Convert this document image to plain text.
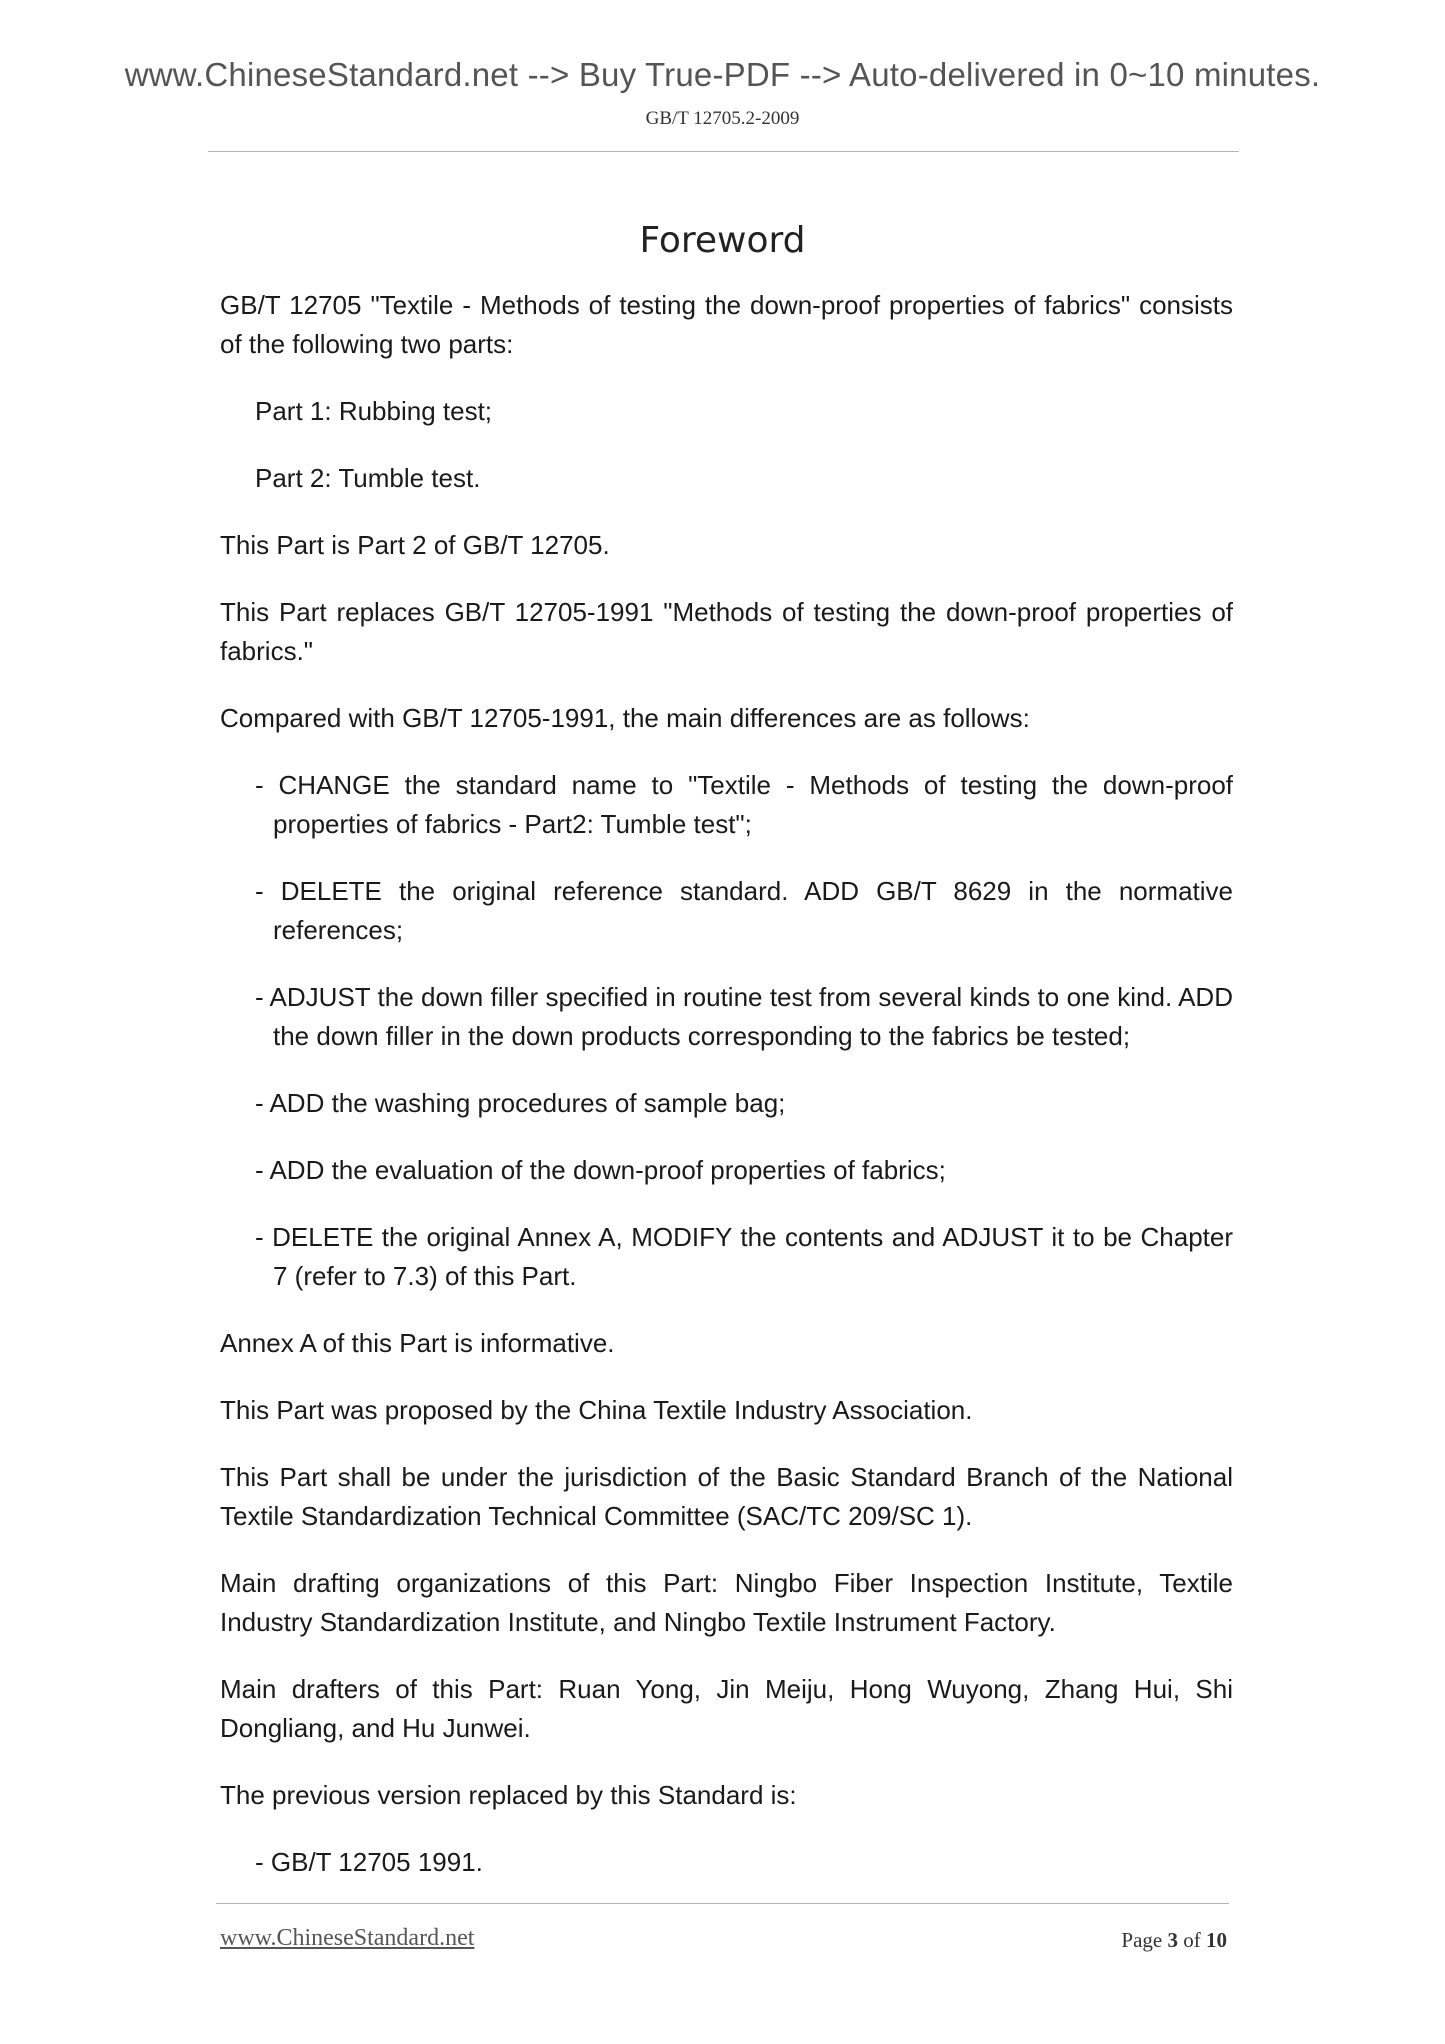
www.ChineseStandard.net --> Buy True-PDF --> Auto-delivered in 0~10 minutes.
GB/T 12705.2-2009
Foreword

GB/T 12705 "Textile - Methods of testing the down-proof properties of fabrics" consists of the following two parts:

Part 1: Rubbing test;

Part 2: Tumble test.

This Part is Part 2 of GB/T 12705.

This Part replaces GB/T 12705-1991 "Methods of testing the down-proof properties of fabrics."

Compared with GB/T 12705-1991, the main differences are as follows:

- CHANGE the standard name to "Textile - Methods of testing the down-proof properties of fabrics - Part2: Tumble test";
- DELETE the original reference standard. ADD GB/T 8629 in the normative references;
- ADJUST the down filler specified in routine test from several kinds to one kind. ADD the down filler in the down products corresponding to the fabrics be tested;
- ADD the washing procedures of sample bag;
- ADD the evaluation of the down-proof properties of fabrics;
- DELETE the original Annex A, MODIFY the contents and ADJUST it to be Chapter 7 (refer to 7.3) of this Part.

Annex A of this Part is informative.

This Part was proposed by the China Textile Industry Association.

This Part shall be under the jurisdiction of the Basic Standard Branch of the National Textile Standardization Technical Committee (SAC/TC 209/SC 1).

Main drafting organizations of this Part: Ningbo Fiber Inspection Institute, Textile Industry Standardization Institute, and Ningbo Textile Instrument Factory.

Main drafters of this Part: Ruan Yong, Jin Meiju, Hong Wuyong, Zhang Hui, Shi Dongliang, and Hu Junwei.

The previous version replaced by this Standard is:

- GB/T 12705 1991.

www.ChineseStandard.net	Page 3 of 10
